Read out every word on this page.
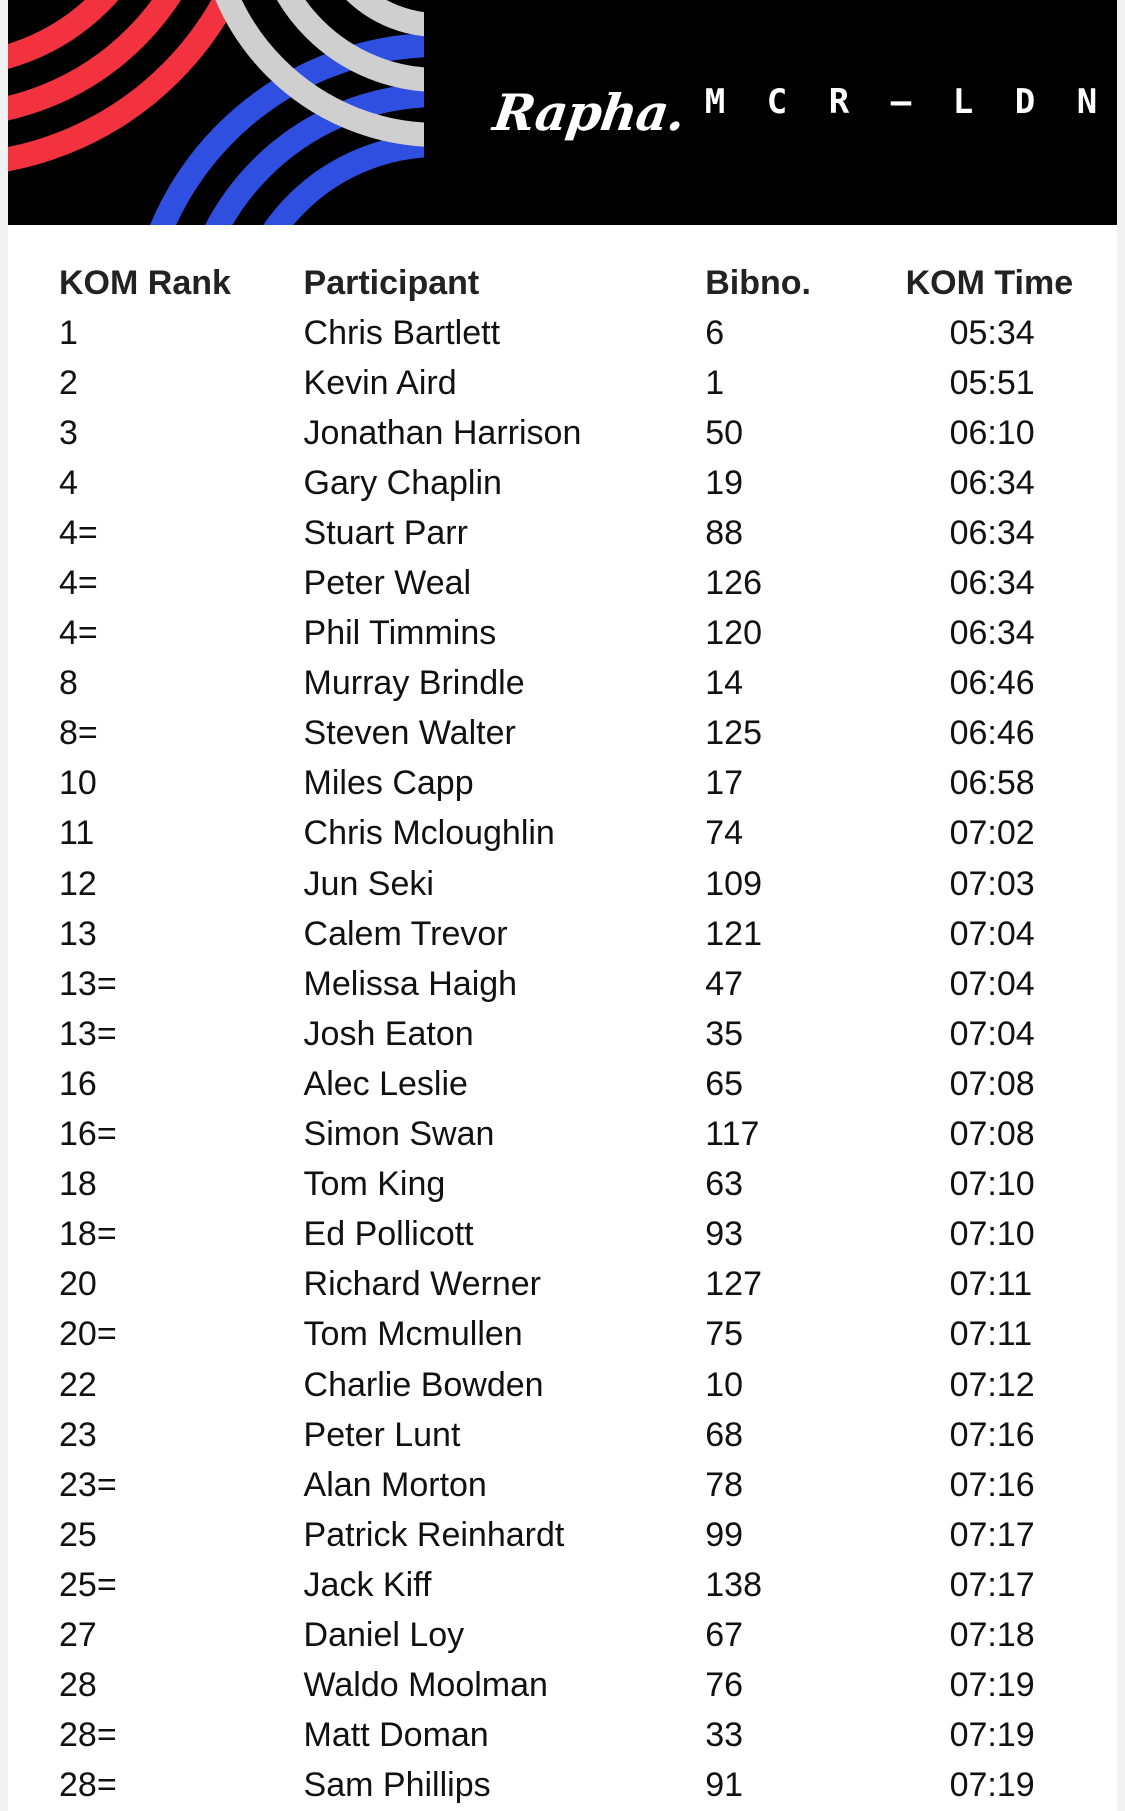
Rapha. M	C	R	—	L	D	N
KOM Rank	Participant	Bibno.	KOM Time
1	Chris Bartlett	6	05:34
2	Kevin Aird	1	05:51
3	Jonathan Harrison	50	06:10
4	Gary Chaplin	19	06:34
4=	Stuart Parr	88	06:34
4=	Peter Weal	126	06:34
4=	Phil Timmins	120	06:34
8	Murray Brindle	14	06:46
8=	Steven Walter	125	06:46
10	Miles Capp	17	06:58
11	Chris Mcloughlin	74	07:02
12	Jun Seki	109	07:03
13	Calem Trevor	121	07:04
13=	Melissa Haigh	47	07:04
13=	Josh Eaton	35	07:04
16	Alec Leslie	65	07:08
16=	Simon Swan	117	07:08
18	Tom King	63	07:10
18=	Ed Pollicott	93	07:10
20	Richard Werner	127	07:11
20=	Tom Mcmullen	75	07:11
22	Charlie Bowden	10	07:12
23	Peter Lunt	68	07:16
23=	Alan Morton	78	07:16
25	Patrick Reinhardt	99	07:17
25=	Jack Kiff	138	07:17
27	Daniel Loy	67	07:18
28	Waldo Moolman	76	07:19
28=	Matt Doman	33	07:19
28=	Sam Phillips	91	07:19
